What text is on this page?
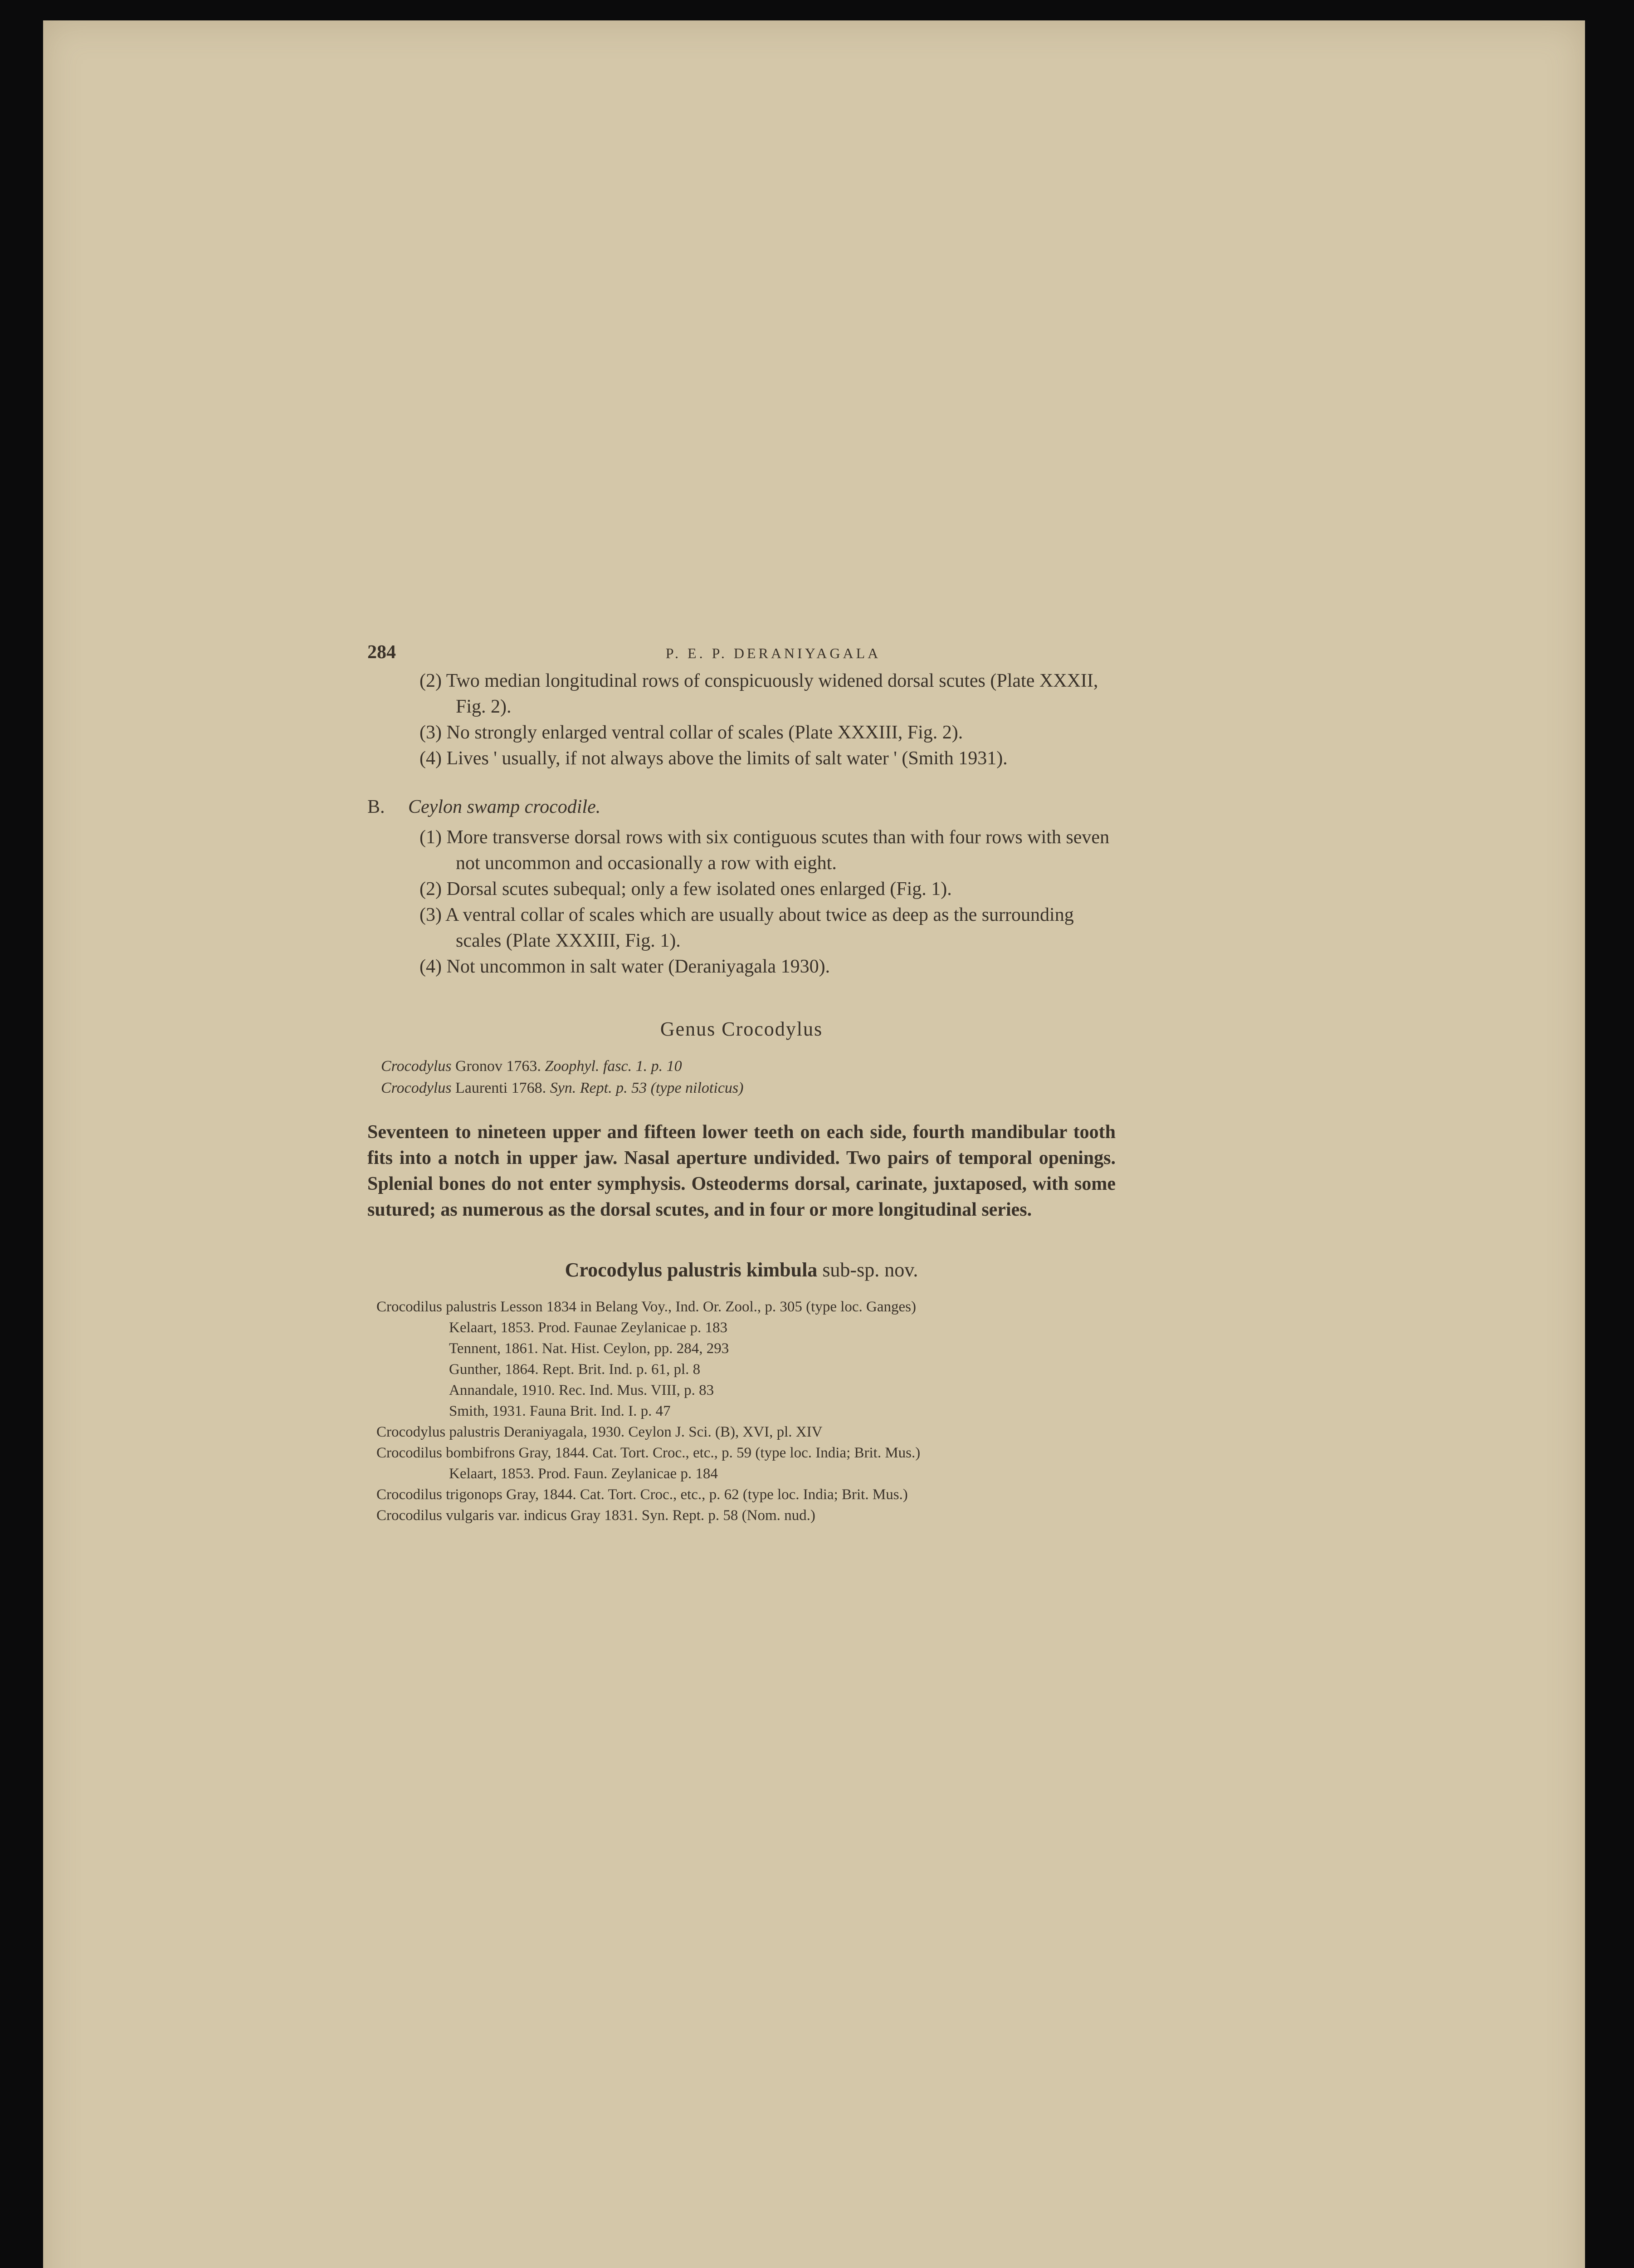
284	P. E. P. DERANIYAGALA
(2) Two median longitudinal rows of conspicuously widened dorsal scutes (Plate XXXII, Fig. 2).
(3) No strongly enlarged ventral collar of scales (Plate XXXIII, Fig. 2).
(4) Lives ' usually, if not always above the limits of salt water ' (Smith 1931).
B.	Ceylon swamp crocodile.
(1) More transverse dorsal rows with six contiguous scutes than with four rows with seven not uncommon and occasionally a row with eight.
(2) Dorsal scutes subequal; only a few isolated ones enlarged (Fig. 1).
(3) A ventral collar of scales which are usually about twice as deep as the surrounding scales (Plate XXXIII, Fig. 1).
(4) Not uncommon in salt water (Deraniyagala 1930).
Genus Crocodylus
Crocodylus Gronov 1763. Zoophyl. fasc. 1. p. 10
Crocodylus Laurenti 1768. Syn. Rept. p. 53 (type niloticus)
Seventeen to nineteen upper and fifteen lower teeth on each side, fourth mandibular tooth fits into a notch in upper jaw. Nasal aperture undivided. Two pairs of temporal openings. Splenial bones do not enter symphysis. Osteoderms dorsal, carinate, juxtaposed, with some sutured; as numerous as the dorsal scutes, and in four or more longitudinal series.
Crocodylus palustris kimbula sub-sp. nov.
Crocodilus palustris Lesson 1834 in Belang Voy., Ind. Or. Zool., p. 305 (type loc. Ganges)
Kelaart, 1853. Prod. Faunae Zeylanicae p. 183
Tennent, 1861. Nat. Hist. Ceylon, pp. 284, 293
Gunther, 1864. Rept. Brit. Ind. p. 61, pl. 8
Annandale, 1910. Rec. Ind. Mus. VIII, p. 83
Smith, 1931. Fauna Brit. Ind. I. p. 47
Crocodylus palustris Deraniyagala, 1930. Ceylon J. Sci. (B), XVI, pl. XIV
Crocodilus bombifrons Gray, 1844. Cat. Tort. Croc., etc., p. 59 (type loc. India; Brit. Mus.)
Kelaart, 1853. Prod. Faun. Zeylanicae p. 184
Crocodilus trigonops Gray, 1844. Cat. Tort. Croc., etc., p. 62 (type loc. India; Brit. Mus.)
Crocodilus vulgaris var. indicus Gray 1831. Syn. Rept. p. 58 (Nom. nud.)
